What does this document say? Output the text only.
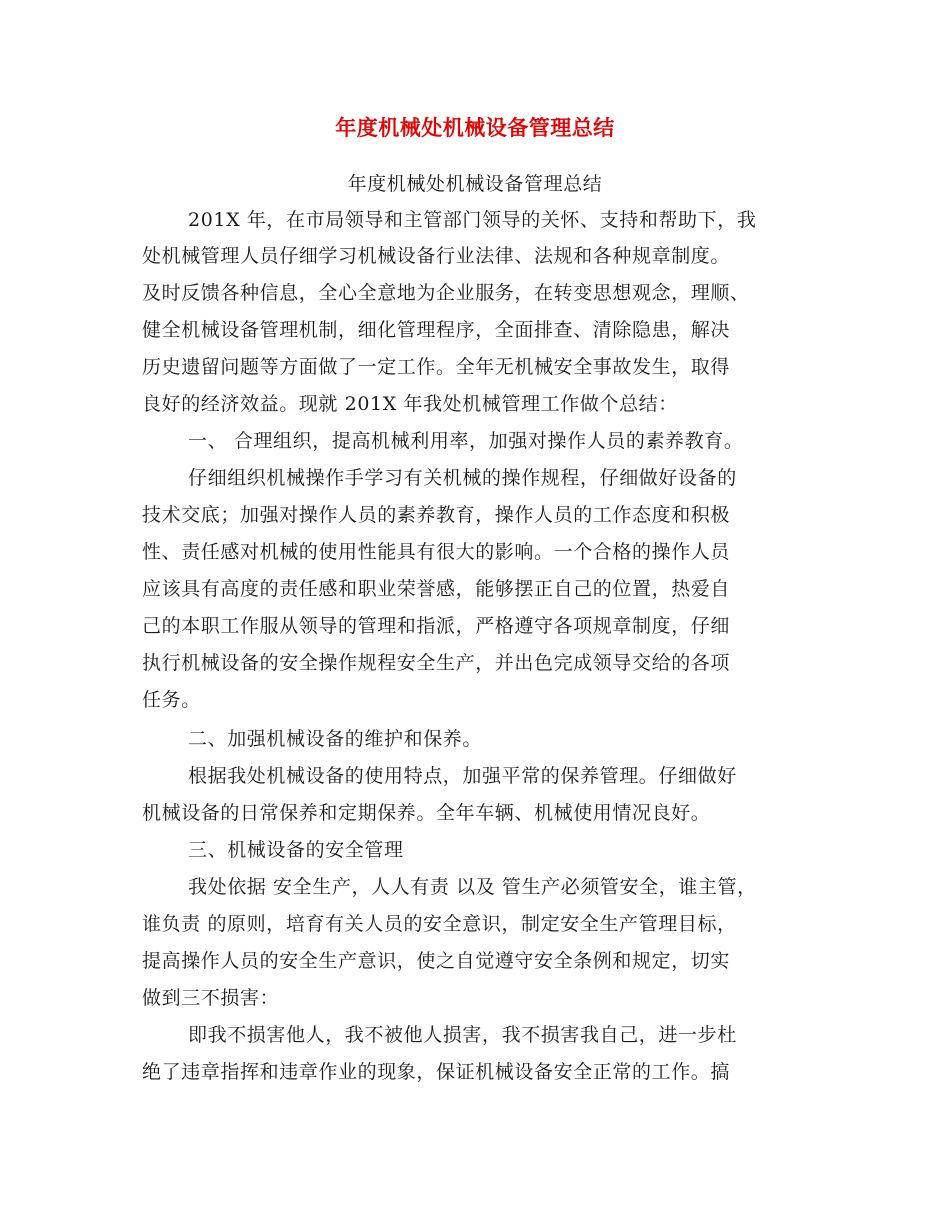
年度机械处机械设备管理总结
年度机械处机械设备管理总结
201X 年，在市局领导和主管部门领导的关怀、支持和帮助下，我
处机械管理人员仔细学习机械设备行业法律、法规和各种规章制度。
及时反馈各种信息，全心全意地为企业服务，在转变思想观念，理顺、
健全机械设备管理机制，细化管理程序，全面排查、清除隐患，解决
历史遗留问题等方面做了一定工作。全年无机械安全事故发生，取得
良好的经济效益。现就 201X 年我处机械管理工作做个总结：
一、 合理组织，提高机械利用率，加强对操作人员的素养教育。
仔细组织机械操作手学习有关机械的操作规程，仔细做好设备的
技术交底；加强对操作人员的素养教育，操作人员的工作态度和积极
性、责任感对机械的使用性能具有很大的影响。一个合格的操作人员
应该具有高度的责任感和职业荣誉感，能够摆正自己的位置，热爱自
己的本职工作服从领导的管理和指派，严格遵守各项规章制度，仔细
执行机械设备的安全操作规程安全生产，并出色完成领导交给的各项
任务。
二、加强机械设备的维护和保养。
根据我处机械设备的使用特点，加强平常的保养管理。仔细做好
机械设备的日常保养和定期保养。全年车辆、机械使用情况良好。
三、机械设备的安全管理
我处依据 安全生产，人人有责 以及 管生产必须管安全，谁主管，
谁负责 的原则，培育有关人员的安全意识，制定安全生产管理目标，
提高操作人员的安全生产意识，使之自觉遵守安全条例和规定，切实
做到三不损害：
即我不损害他人，我不被他人损害，我不损害我自己，进一步杜
绝了违章指挥和违章作业的现象，保证机械设备安全正常的工作。搞
